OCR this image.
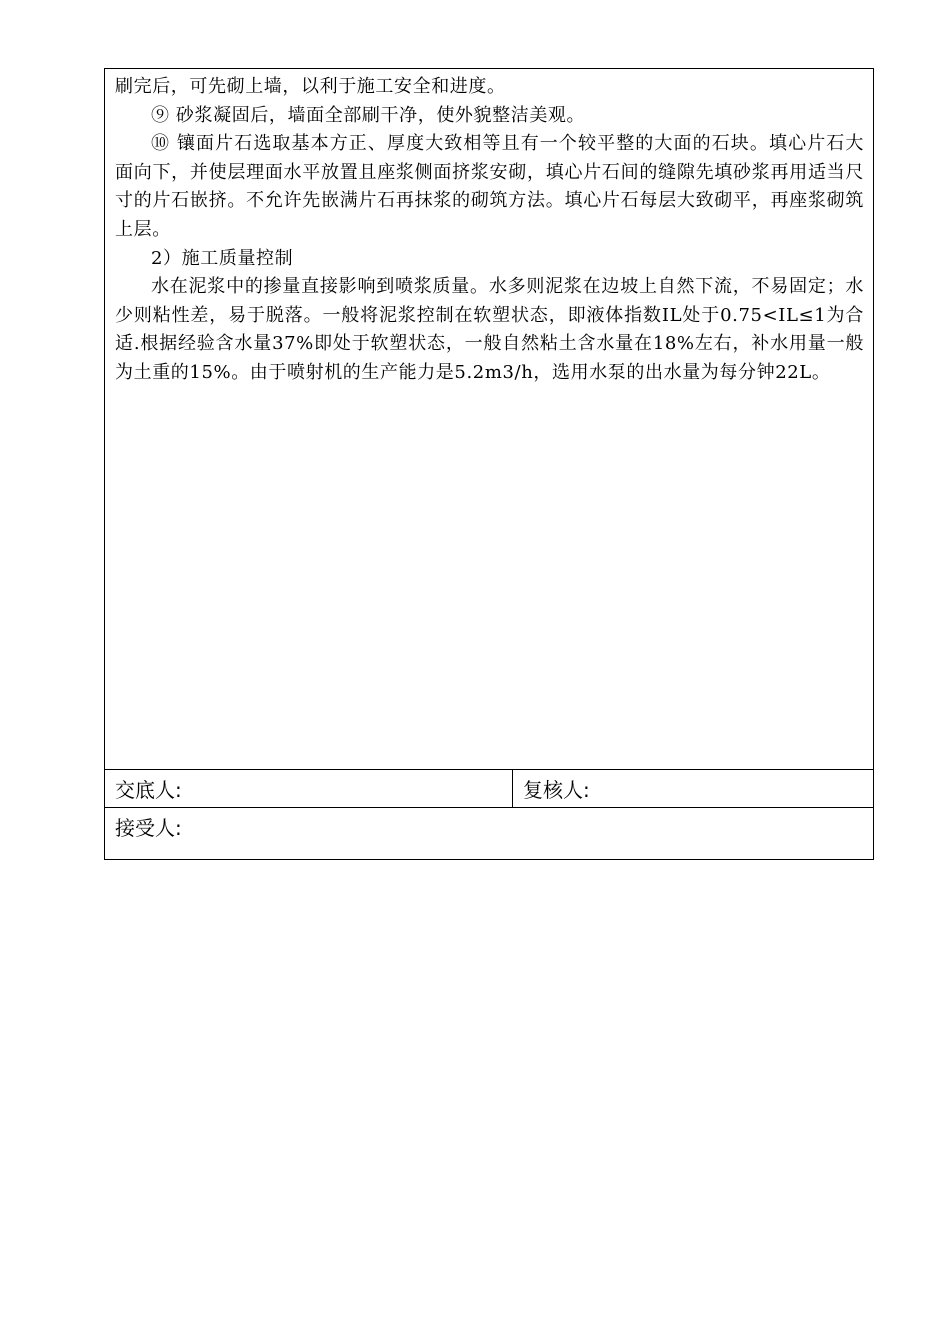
刷完后，可先砌上墙，以利于施工安全和进度。

⑨ 砂浆凝固后，墙面全部刷干净，使外貌整洁美观。

⑩ 镶面片石选取基本方正、厚度大致相等且有一个较平整的大面的石块。填心片石大面向下，并使层理面水平放置且座浆侧面挤浆安砌，填心片石间的缝隙先填砂浆再用适当尺寸的片石嵌挤。不允许先嵌满片石再抹浆的砌筑方法。填心片石每层大致砌平，再座浆砌筑上层。

2）施工质量控制

水在泥浆中的掺量直接影响到喷浆质量。水多则泥浆在边坡上自然下流，不易固定；水少则粘性差，易于脱落。一般将泥浆控制在软塑状态，即液体指数IL处于0.75<IL≤1为合适.根据经验含水量37%即处于软塑状态，一般自然粘土含水量在18%左右，补水用量一般为土重的15%。由于喷射机的生产能力是5.2m3/h，选用水泵的出水量为每分钟22L。

交底人:	复核人:
接受人:
